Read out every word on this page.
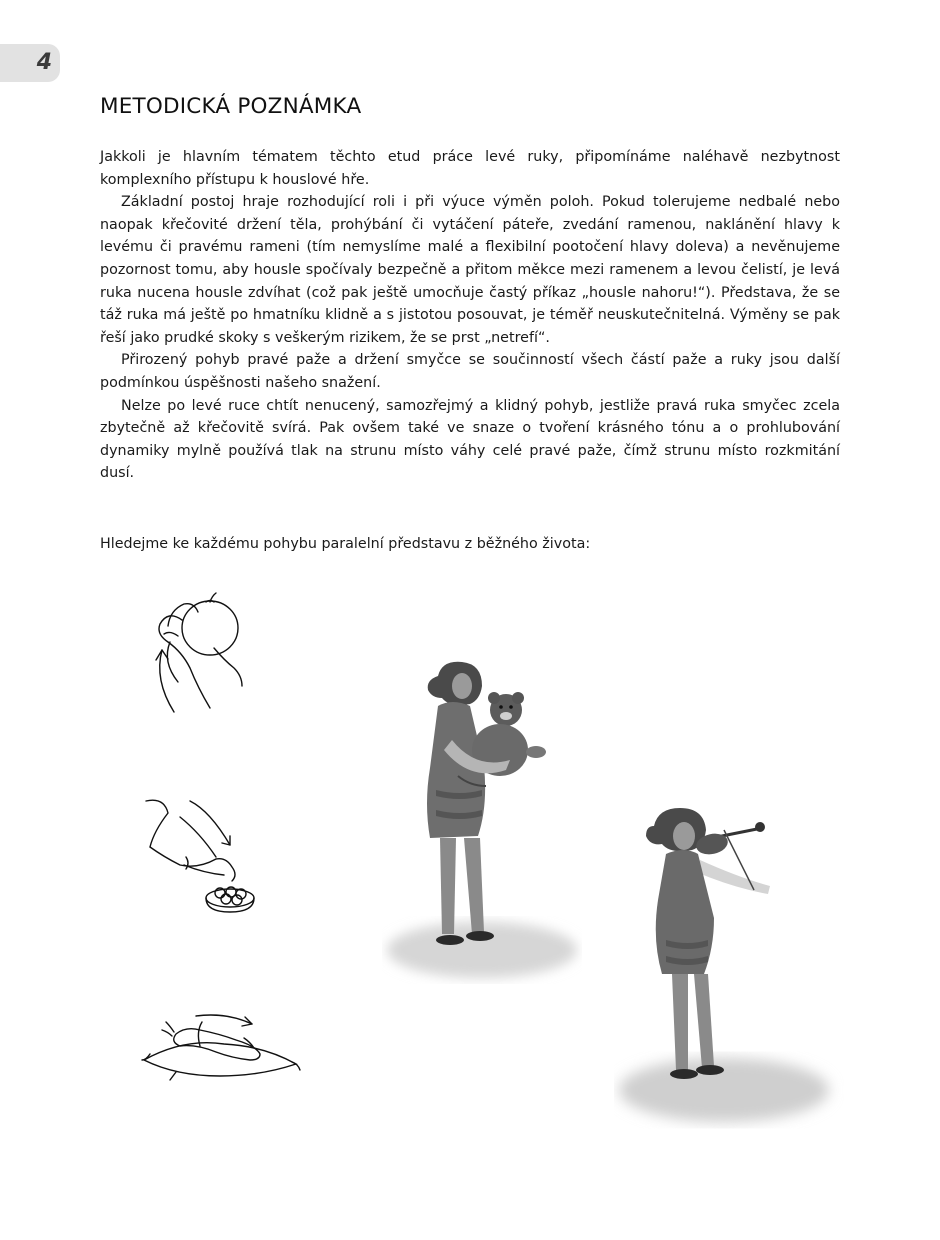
4
METODICKÁ POZNÁMKA

Jakkoli je hlavním tématem těchto etud práce levé ruky, připomínáme naléhavě nezbytnost komplexního přístupu k houslové hře.

Základní postoj hraje rozhodující roli i při výuce výměn poloh. Pokud tolerujeme nedbalé nebo naopak křečovité držení těla, prohýbání či vytáčení páteře, zvedání ramenou, naklánění hlavy k levému či pravému rameni (tím nemyslíme malé a flexibilní pootočení hlavy doleva) a nevěnujeme pozornost tomu, aby housle spočívaly bezpečně a přitom měkce mezi ramenem a levou čelistí, je levá ruka nucena housle zdvíhat (což pak ještě umocňuje častý příkaz „housle nahoru!“). Představa, že se táž ruka má ještě po hmatníku klidně a s jistotou posouvat, je téměř neuskutečnitelná. Výměny se pak řeší jako prudké skoky s veškerým rizikem, že se prst „netrefí“.

Přirozený pohyb pravé paže a držení smyčce se součinností všech částí paže a ruky jsou další podmínkou úspěšnosti našeho snažení.

Nelze po levé ruce chtít nenucený, samozřejmý a klidný pohyb, jestliže pravá ruka smyčec zcela zbytečně až křečovitě svírá. Pak ovšem také ve snaze o tvoření krásného tónu a o prohlubování dynamiky mylně používá tlak na strunu místo váhy celé pravé paže, čímž strunu místo rozkmitání dusí.

Hledejme ke každému pohybu paralelní představu z běžného života:
